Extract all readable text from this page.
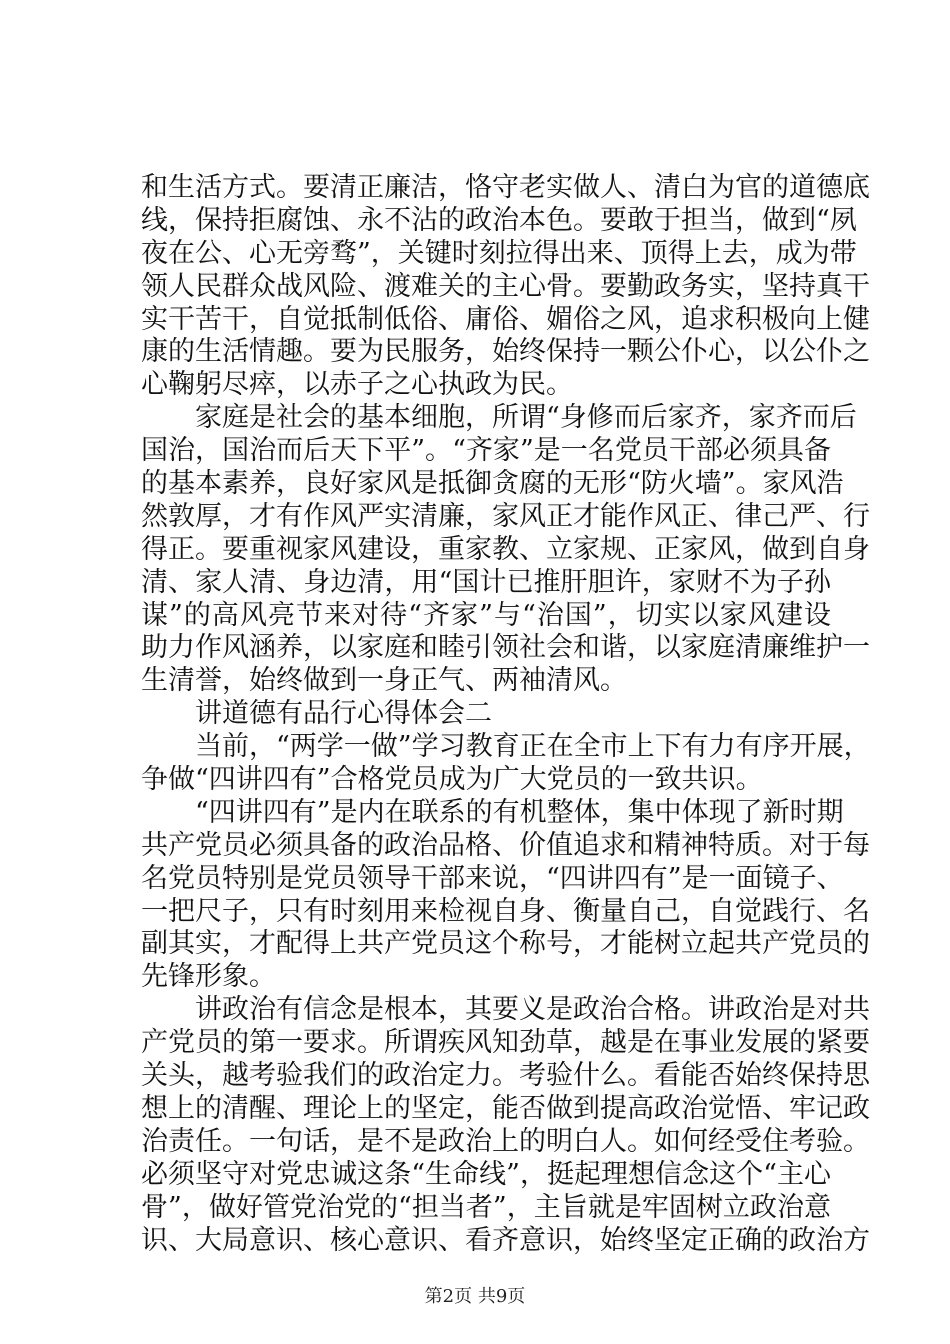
和生活方式。要清正廉洁，恪守老实做人、清白为官的道德底
线，保持拒腐蚀、永不沾的政治本色。要敢于担当，做到“夙
夜在公、心无旁骛”，关键时刻拉得出来、顶得上去，成为带
领人民群众战风险、渡难关的主心骨。要勤政务实，坚持真干
实干苦干，自觉抵制低俗、庸俗、媚俗之风，追求积极向上健
康的生活情趣。要为民服务，始终保持一颗公仆心，以公仆之
心鞠躬尽瘁，以赤子之心执政为民。
　　家庭是社会的基本细胞，所谓“身修而后家齐，家齐而后
国治，国治而后天下平”。“齐家”是一名党员干部必须具备
的基本素养，良好家风是抵御贪腐的无形“防火墙”。家风浩
然敦厚，才有作风严实清廉，家风正才能作风正、律己严、行
得正。要重视家风建设，重家教、立家规、正家风，做到自身
清、家人清、身边清，用“国计已推肝胆许，家财不为子孙
谋”的高风亮节来对待“齐家”与“治国”，切实以家风建设
助力作风涵养，以家庭和睦引领社会和谐，以家庭清廉维护一
生清誉，始终做到一身正气、两袖清风。
　　讲道德有品行心得体会二
　　当前，“两学一做”学习教育正在全市上下有力有序开展，
争做“四讲四有”合格党员成为广大党员的一致共识。
　　“四讲四有”是内在联系的有机整体，集中体现了新时期
共产党员必须具备的政治品格、价值追求和精神特质。对于每
名党员特别是党员领导干部来说，“四讲四有”是一面镜子、
一把尺子，只有时刻用来检视自身、衡量自己，自觉践行、名
副其实，才配得上共产党员这个称号，才能树立起共产党员的
先锋形象。
　　讲政治有信念是根本，其要义是政治合格。讲政治是对共
产党员的第一要求。所谓疾风知劲草，越是在事业发展的紧要
关头，越考验我们的政治定力。考验什么。看能否始终保持思
想上的清醒、理论上的坚定，能否做到提高政治觉悟、牢记政
治责任。一句话，是不是政治上的明白人。如何经受住考验。
必须坚守对党忠诚这条“生命线”，挺起理想信念这个“主心
骨”，做好管党治党的“担当者”，主旨就是牢固树立政治意
识、大局意识、核心意识、看齐意识，始终坚定正确的政治方
第2页 共9页
